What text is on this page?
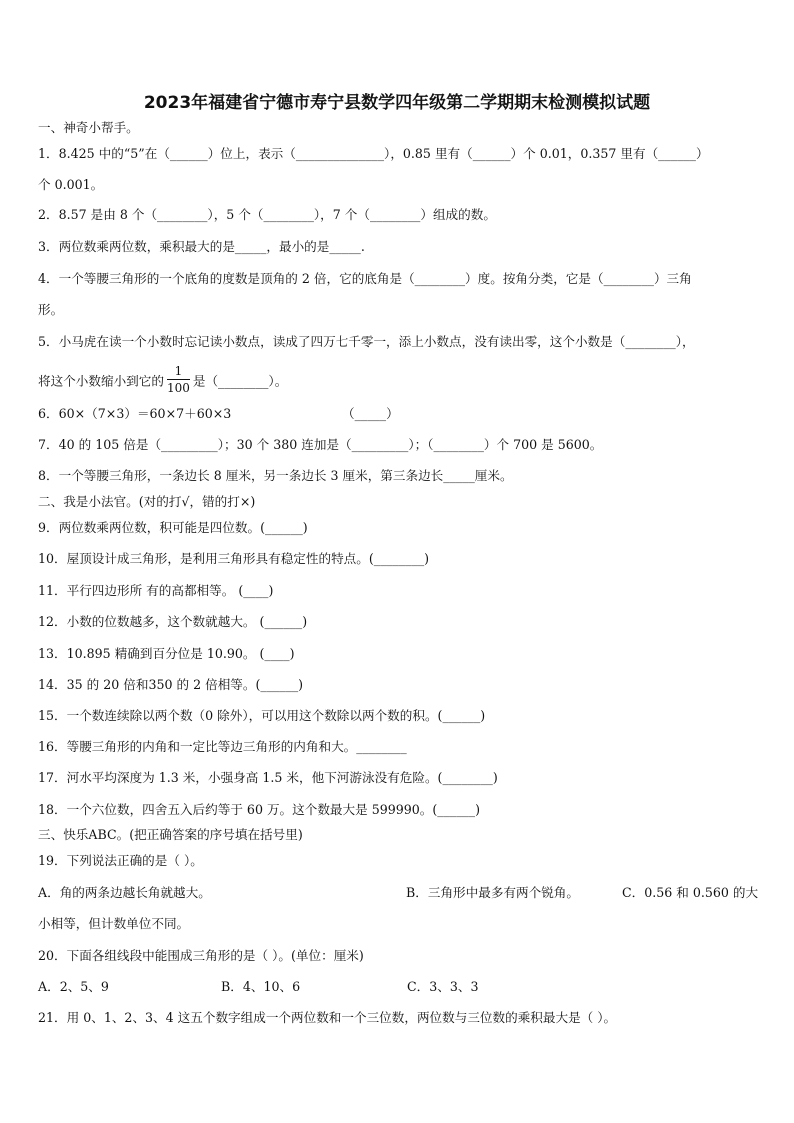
2023年福建省宁德市寿宁县数学四年级第二学期期末检测模拟试题
一、神奇小帮手。
1．8.425 中的“5”在（______）位上，表示（______________），0.85 里有（______）个 0.01，0.357 里有（______）
个 0.001。
2．8.57 是由 8 个（________），5 个（________），7 个（________）组成的数。
3．两位数乘两位数，乘积最大的是_____，最小的是_____.
4．一个等腰三角形的一个底角的度数是顶角的 2 倍，它的底角是（________）度。按角分类，它是（________）三角
形。
5．小马虎在读一个小数时忘记读小数点，读成了四万七千零一，添上小数点，没有读出零，这个小数是（________），
将这个小数缩小到它的 $\frac{1}{100}$ 是（________）。
6．60×（7×3）＝60×7＋60×3	（_____）
7．40 的 105 倍是（_________）；30 个 380 连加是（_________）；（________）个 700 是 5600。
8．一个等腰三角形，一条边长 8 厘米，另一条边长 3 厘米，第三条边长_____厘米。
二、我是小法官。(对的打√，错的打×)
9．两位数乘两位数，积可能是四位数。(______)
10．屋顶设计成三角形，是利用三角形具有稳定性的特点。(________)
11．平行四边形所 有的高都相等。 (____)
12．小数的位数越多，这个数就越大。 (______)
13．10.895 精确到百分位是 10.90。 (____)
14．35 的 20 倍和350 的 2 倍相等。(______)
15．一个数连续除以两个数（0 除外），可以用这个数除以两个数的积。(______)
16．等腰三角形的内角和一定比等边三角形的内角和大。________
17．河水平均深度为 1.3 米，小强身高 1.5 米，他下河游泳没有危险。(________)
18．一个六位数，四舍五入后约等于 60 万。这个数最大是 599990。(______)
三、快乐ABC。(把正确答案的序号填在括号里)
19．下列说法正确的是（ ）。
A．角的两条边越长角就越大。	B．三角形中最多有两个锐角。	C．0.56 和 0.560 的大
小相等，但计数单位不同。
20．下面各组线段中能围成三角形的是（ ）。(单位：厘米)
A．2、5、9	B．4、10、6	C．3、3、3
21．用 0、1、2、3、4 这五个数字组成一个两位数和一个三位数，两位数与三位数的乘积最大是（ ）。
